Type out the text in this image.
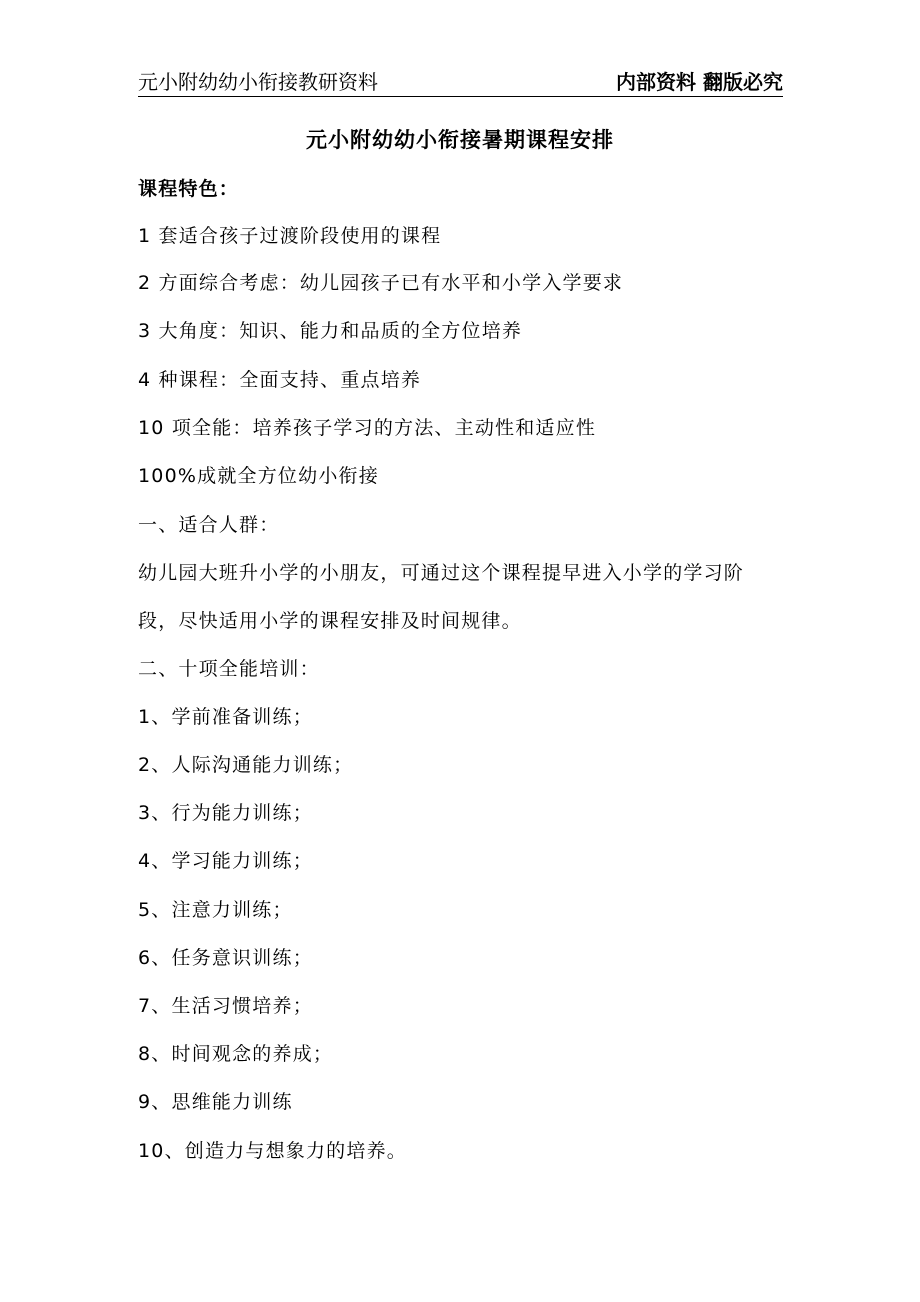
元小附幼幼小衔接教研资料	内部资料 翻版必究
元小附幼幼小衔接暑期课程安排
课程特色：
1 套适合孩子过渡阶段使用的课程
2 方面综合考虑：幼儿园孩子已有水平和小学入学要求
3 大角度：知识、能力和品质的全方位培养
4 种课程：全面支持、重点培养
10 项全能：培养孩子学习的方法、主动性和适应性
100%成就全方位幼小衔接
一、适合人群：
幼儿园大班升小学的小朋友，可通过这个课程提早进入小学的学习阶
段，尽快适用小学的课程安排及时间规律。
二、十项全能培训：
1、学前准备训练；
2、人际沟通能力训练；
3、行为能力训练；
4、学习能力训练；
5、注意力训练；
6、任务意识训练；
7、生活习惯培养；
8、时间观念的养成；
9、思维能力训练
10、创造力与想象力的培养。
